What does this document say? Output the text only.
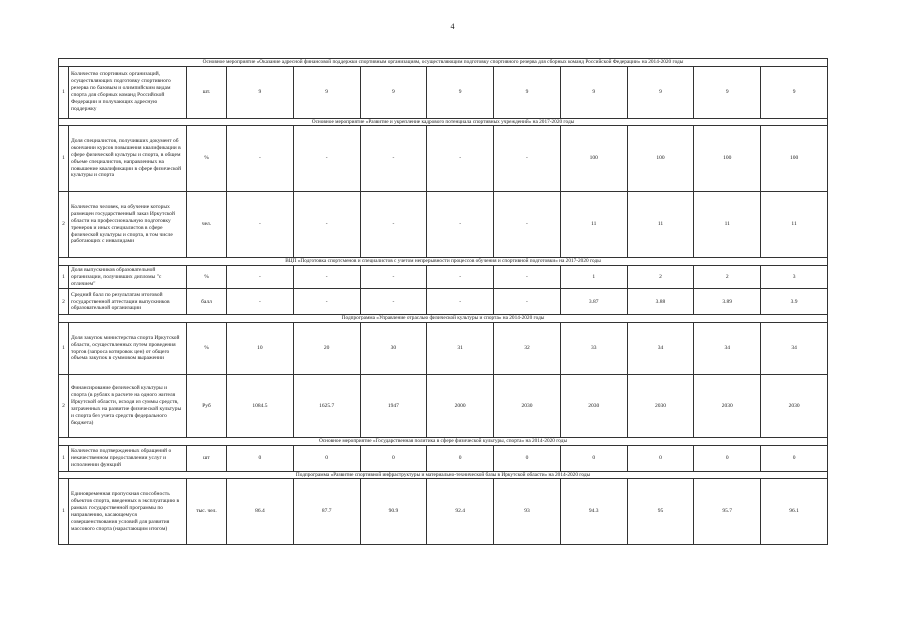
4
Основное мероприятие «Оказание адресной финансовой поддержки спортивным организациям, осуществляющим подготовку спортивного резерва для сборных команд Российской Федерации» на 2014-2020 годы											
1	Количество спортивных организаций, осуществляющих подготовку спортивного резерва по базовым и олимпийским видам спорта для сборных команд Российской Федерации и получающих адресную поддержку	шт.	9	9	9	9	9	9	9	9	9
Основное мероприятие «Развитие и укрепление кадрового потенциала спортивных учреждений» на 2017-2020 годы											
1	Доля специалистов, получивших документ об окончании курсов повышения квалификации в сфере физической культуры и спорта, в общем объеме специалистов, направленных на повышение квалификации в сфере физической культуры и спорта	%	-	-	-	-	-	100	100	100	100
2	Количество человек, на обучение которых размещен государственный заказ Иркутской области на профессиональную подготовку тренеров и иных специалистов в сфере физической культуры и спорта, в том числе работающих с инвалидами	чел.	-	-	-	-	-	11	11	11	11
ВЦП «Подготовка спортсменов и специалистов с учетом непрерывности процессов обучения и спортивной подготовки» на 2017-2020 годы											
1	Доля выпускников образовательной организации, получивших дипломы "с отличием"	%	-	-	-	-	-	1	2	2	3
2	Средний балл по результатам итоговой государственной аттестации выпускников образовательной организации	балл	-	-	-	-	-	3.87	3.88	3.89	3.9
Подпрограмма «Управление отраслью физической культуры и спорта» на 2014-2020 годы											
1	Доля закупок министерства спорта Иркутской области, осуществленных путем проведения торгов (запроса котировок цен) от общего объема закупок в суммовом выражении	%	10	20	30	31	32	33	34	34	34
2	Финансирование физической культуры и спорта (в рублях в расчете на одного жителя Иркутской области, исходя из суммы средств, затраченных на развитие физической культуры и спорта без учета средств федерального бюджета)	Руб	1084.5	1625.7	1947	2000	2030	2030	2030	2030	2030
Основное мероприятие «Государственная политика в сфере физической культуры, спорта» на 2014-2020 годы											
1	Количество подтвержденных обращений о некачественном предоставлении услуг и исполнении функций	шт	0	0	0	0	0	0	0	0	0
Подпрограмма «Развитие спортивной инфраструктуры и материально-технической базы в Иркутской области» на 2014-2020 годы											
1	Единовременная пропускная способность объектов спорта, введенных в эксплуатацию в рамках государственной программы по направлению, касающемуся совершенствования условий для развития массового спорта (нарастающим итогом)	тыс. чел.	86.4	87.7	90.9	92.4	93	94.3	95	95.7	96.1
